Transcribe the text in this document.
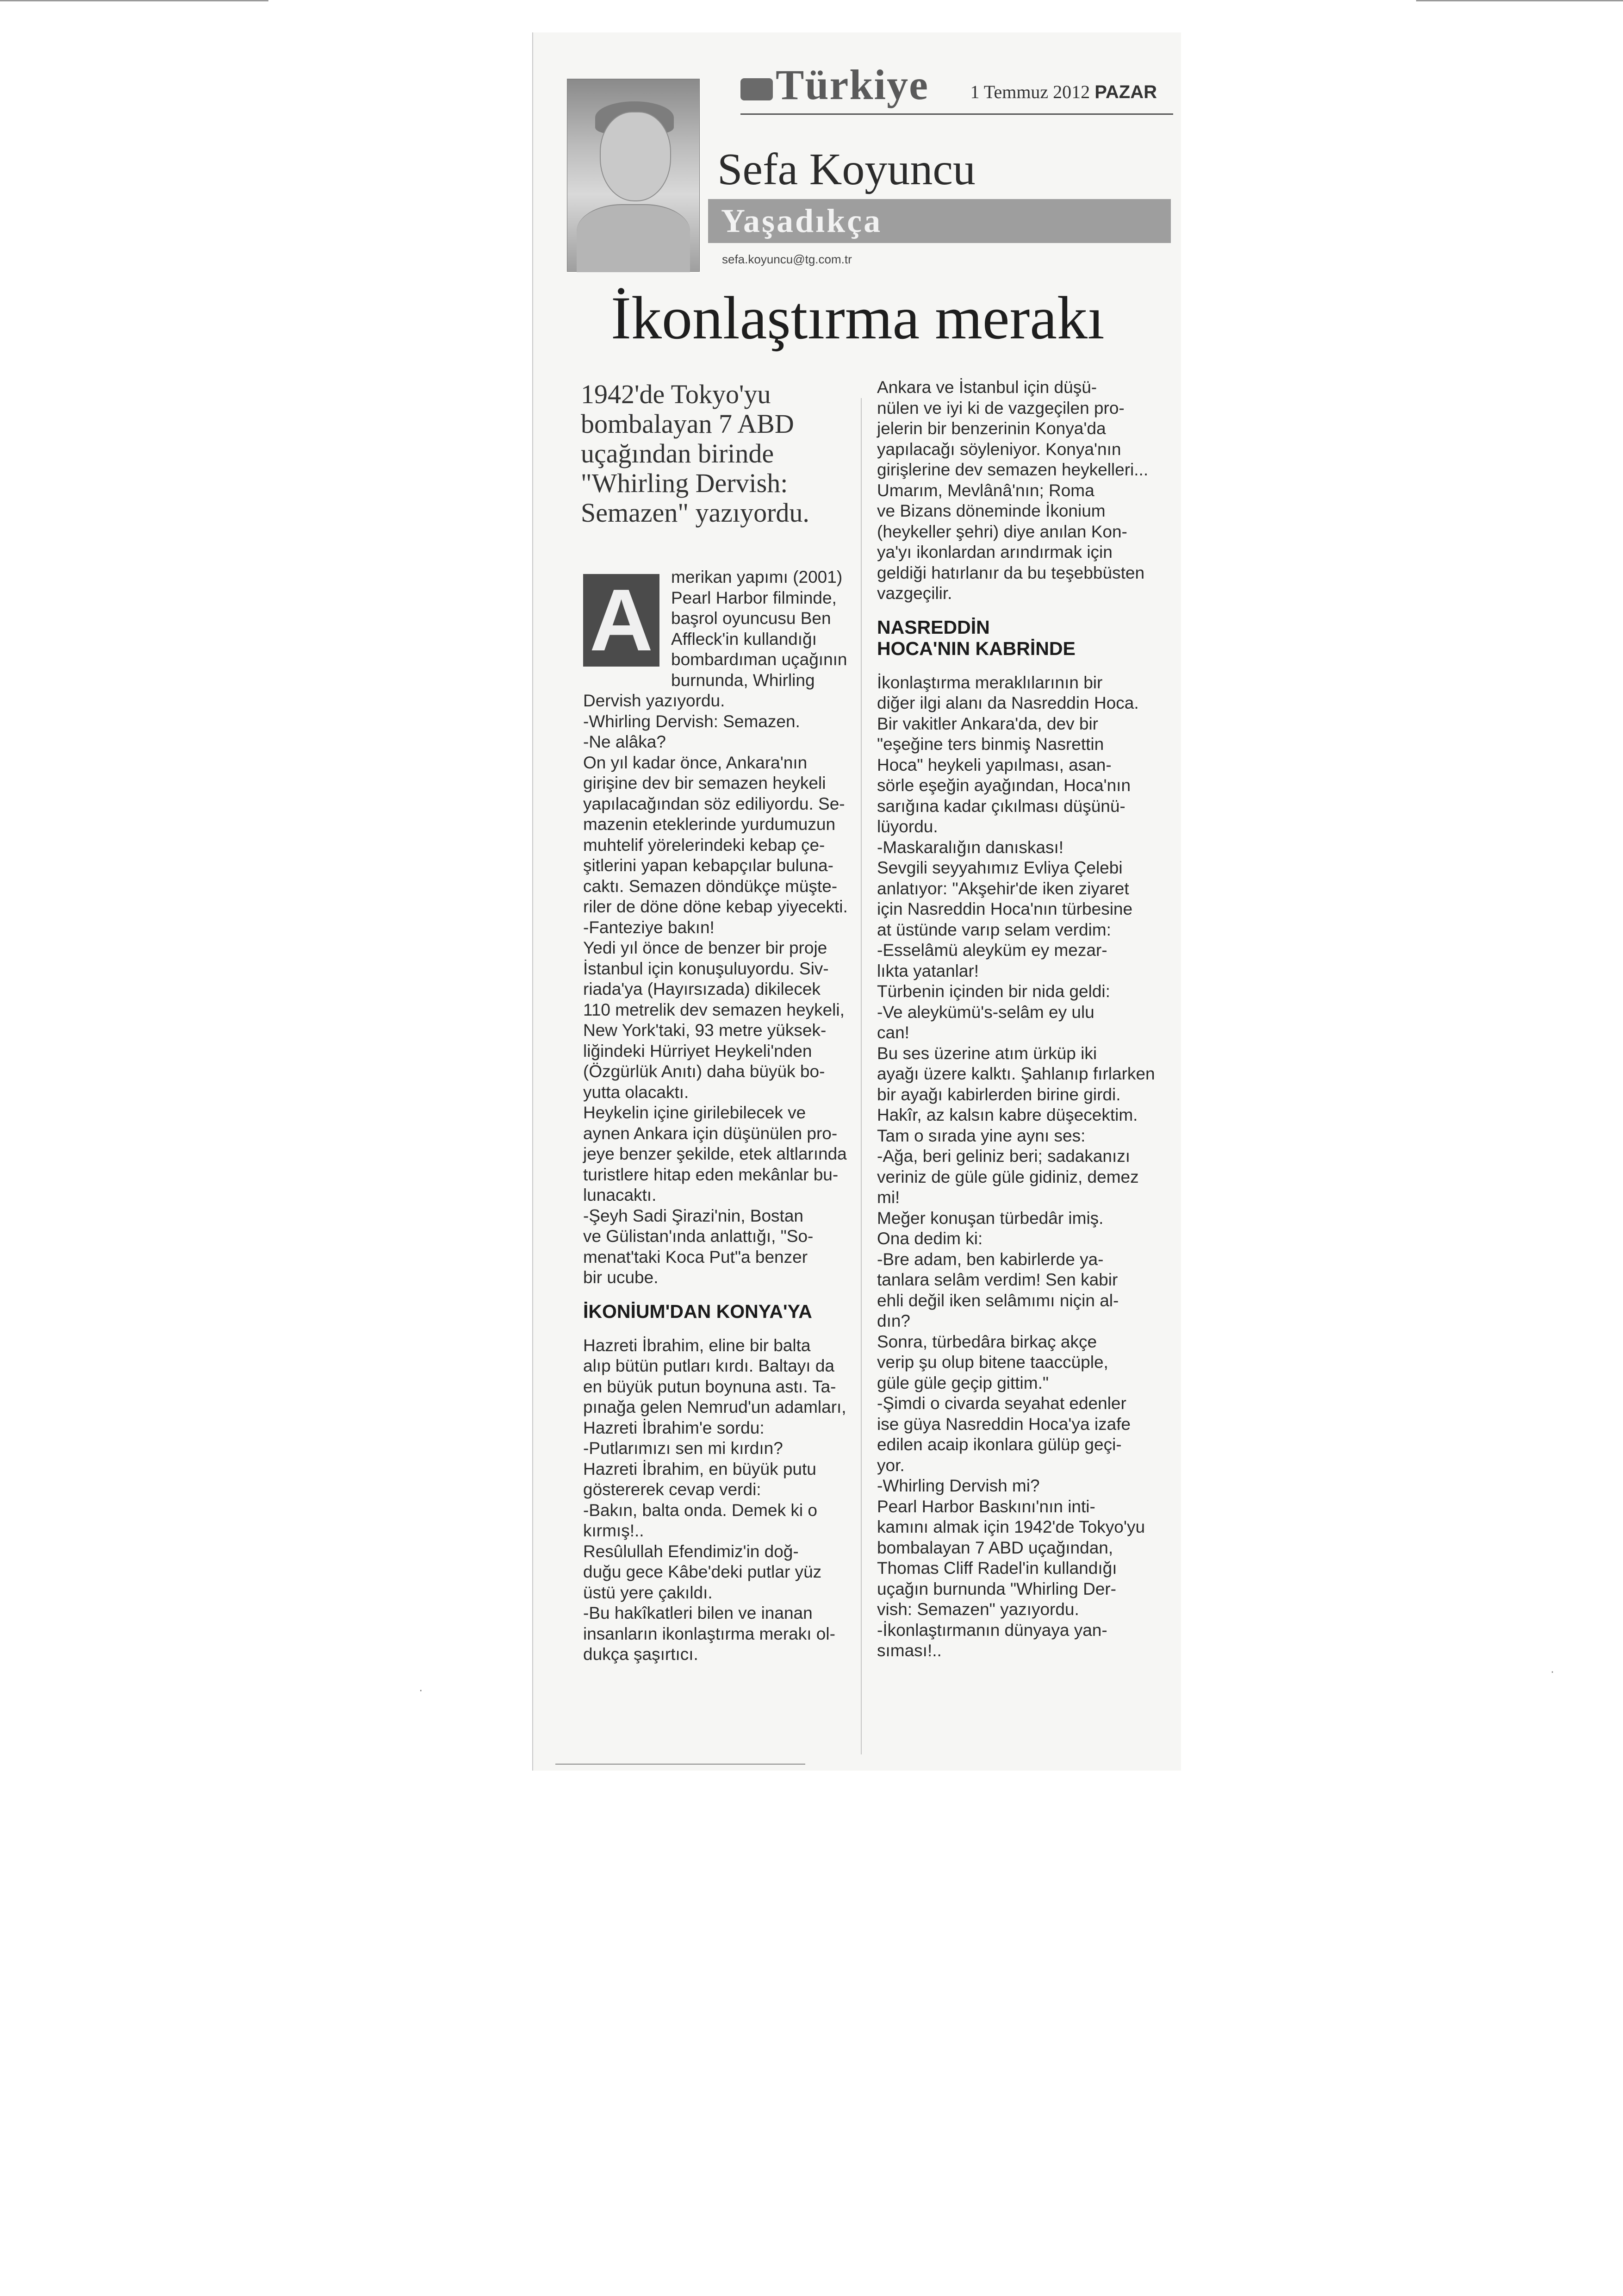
Türkiye 1 Temmuz 2012 PAZAR
Sefa Koyuncu
Yaşadıkça
sefa.koyuncu@tg.com.tr
İkonlaştırma merakı
1942'de Tokyo'yu
bombalayan 7 ABD
uçağından birinde
"Whirling Dervish:
Semazen" yazıyordu.
A	merikan yapımı (2001)
Pearl Harbor filminde,
başrol oyuncusu Ben
Affleck'in kullandığı
bombardıman uçağının
burnunda, Whirling
Dervish yazıyordu.
-Whirling Dervish: Semazen.
-Ne alâka?
On yıl kadar önce, Ankara'nın
girişine dev bir semazen heykeli
yapılacağından söz ediliyordu. Se-
mazenin eteklerinde yurdumuzun
muhtelif yörelerindeki kebap çe-
şitlerini yapan kebapçılar buluna-
caktı. Semazen döndükçe müşte-
riler de döne döne kebap yiyecekti.
-Fanteziye bakın!
Yedi yıl önce de benzer bir proje
İstanbul için konuşuluyordu. Siv-
riada'ya (Hayırsızada) dikilecek
110 metrelik dev semazen heykeli,
New York'taki, 93 metre yüksek-
liğindeki Hürriyet Heykeli'nden
(Özgürlük Anıtı) daha büyük bo-
yutta olacaktı.
Heykelin içine girilebilecek ve
aynen Ankara için düşünülen pro-
jeye benzer şekilde, etek altlarında
turistlere hitap eden mekânlar bu-
lunacaktı.
-Şeyh Sadi Şirazi'nin, Bostan
ve Gülistan'ında anlattığı, "So-
menat'taki Koca Put"a benzer
bir ucube.
İKONİUM'DAN KONYA'YA
Hazreti İbrahim, eline bir balta
alıp bütün putları kırdı. Baltayı da
en büyük putun boynuna astı. Ta-
pınağa gelen Nemrud'un adamları,
Hazreti İbrahim'e sordu:
-Putlarımızı sen mi kırdın?
Hazreti İbrahim, en büyük putu
göstererek cevap verdi:
-Bakın, balta onda. Demek ki o
kırmış!..
Resûlullah Efendimiz'in doğ-
duğu gece Kâbe'deki putlar yüz
üstü yere çakıldı.
-Bu hakîkatleri bilen ve inanan
insanların ikonlaştırma merakı ol-
dukça şaşırtıcı.
Ankara ve İstanbul için düşü-
nülen ve iyi ki de vazgeçilen pro-
jelerin bir benzerinin Konya'da
yapılacağı söyleniyor. Konya'nın
girişlerine dev semazen heykelleri...
Umarım, Mevlânâ'nın; Roma
ve Bizans döneminde İkonium
(heykeller şehri) diye anılan Kon-
ya'yı ikonlardan arındırmak için
geldiği hatırlanır da bu teşebbüsten
vazgeçilir.
NASREDDİN
HOCA'NIN KABRİNDE
İkonlaştırma meraklılarının bir
diğer ilgi alanı da Nasreddin Hoca.
Bir vakitler Ankara'da, dev bir
"eşeğine ters binmiş Nasrettin
Hoca" heykeli yapılması, asan-
sörle eşeğin ayağından, Hoca'nın
sarığına kadar çıkılması düşünü-
lüyordu.
-Maskaralığın danıskası!
Sevgili seyyahımız Evliya Çelebi
anlatıyor: "Akşehir'de iken ziyaret
için Nasreddin Hoca'nın türbesine
at üstünde varıp selam verdim:
-Esselâmü aleyküm ey mezar-
lıkta yatanlar!
Türbenin içinden bir nida geldi:
-Ve aleykümü's-selâm ey ulu
can!
Bu ses üzerine atım ürküp iki
ayağı üzere kalktı. Şahlanıp fırlarken
bir ayağı kabirlerden birine girdi.
Hakîr, az kalsın kabre düşecektim.
Tam o sırada yine aynı ses:
-Ağa, beri geliniz beri; sadakanızı
veriniz de güle güle gidiniz, demez
mi!
Meğer konuşan türbedâr imiş.
Ona dedim ki:
-Bre adam, ben kabirlerde ya-
tanlara selâm verdim! Sen kabir
ehli değil iken selâmımı niçin al-
dın?
Sonra, türbedâra birkaç akçe
verip şu olup bitene taaccüple,
güle güle geçip gittim."
-Şimdi o civarda seyahat edenler
ise güya Nasreddin Hoca'ya izafe
edilen acaip ikonlara gülüp geçi-
yor.
-Whirling Dervish mi?
Pearl Harbor Baskını'nın inti-
kamını almak için 1942'de Tokyo'yu
bombalayan 7 ABD uçağından,
Thomas Cliff Radel'in kullandığı
uçağın burnunda "Whirling Der-
vish: Semazen" yazıyordu.
-İkonlaştırmanın dünyaya yan-
sıması!..
·
·
